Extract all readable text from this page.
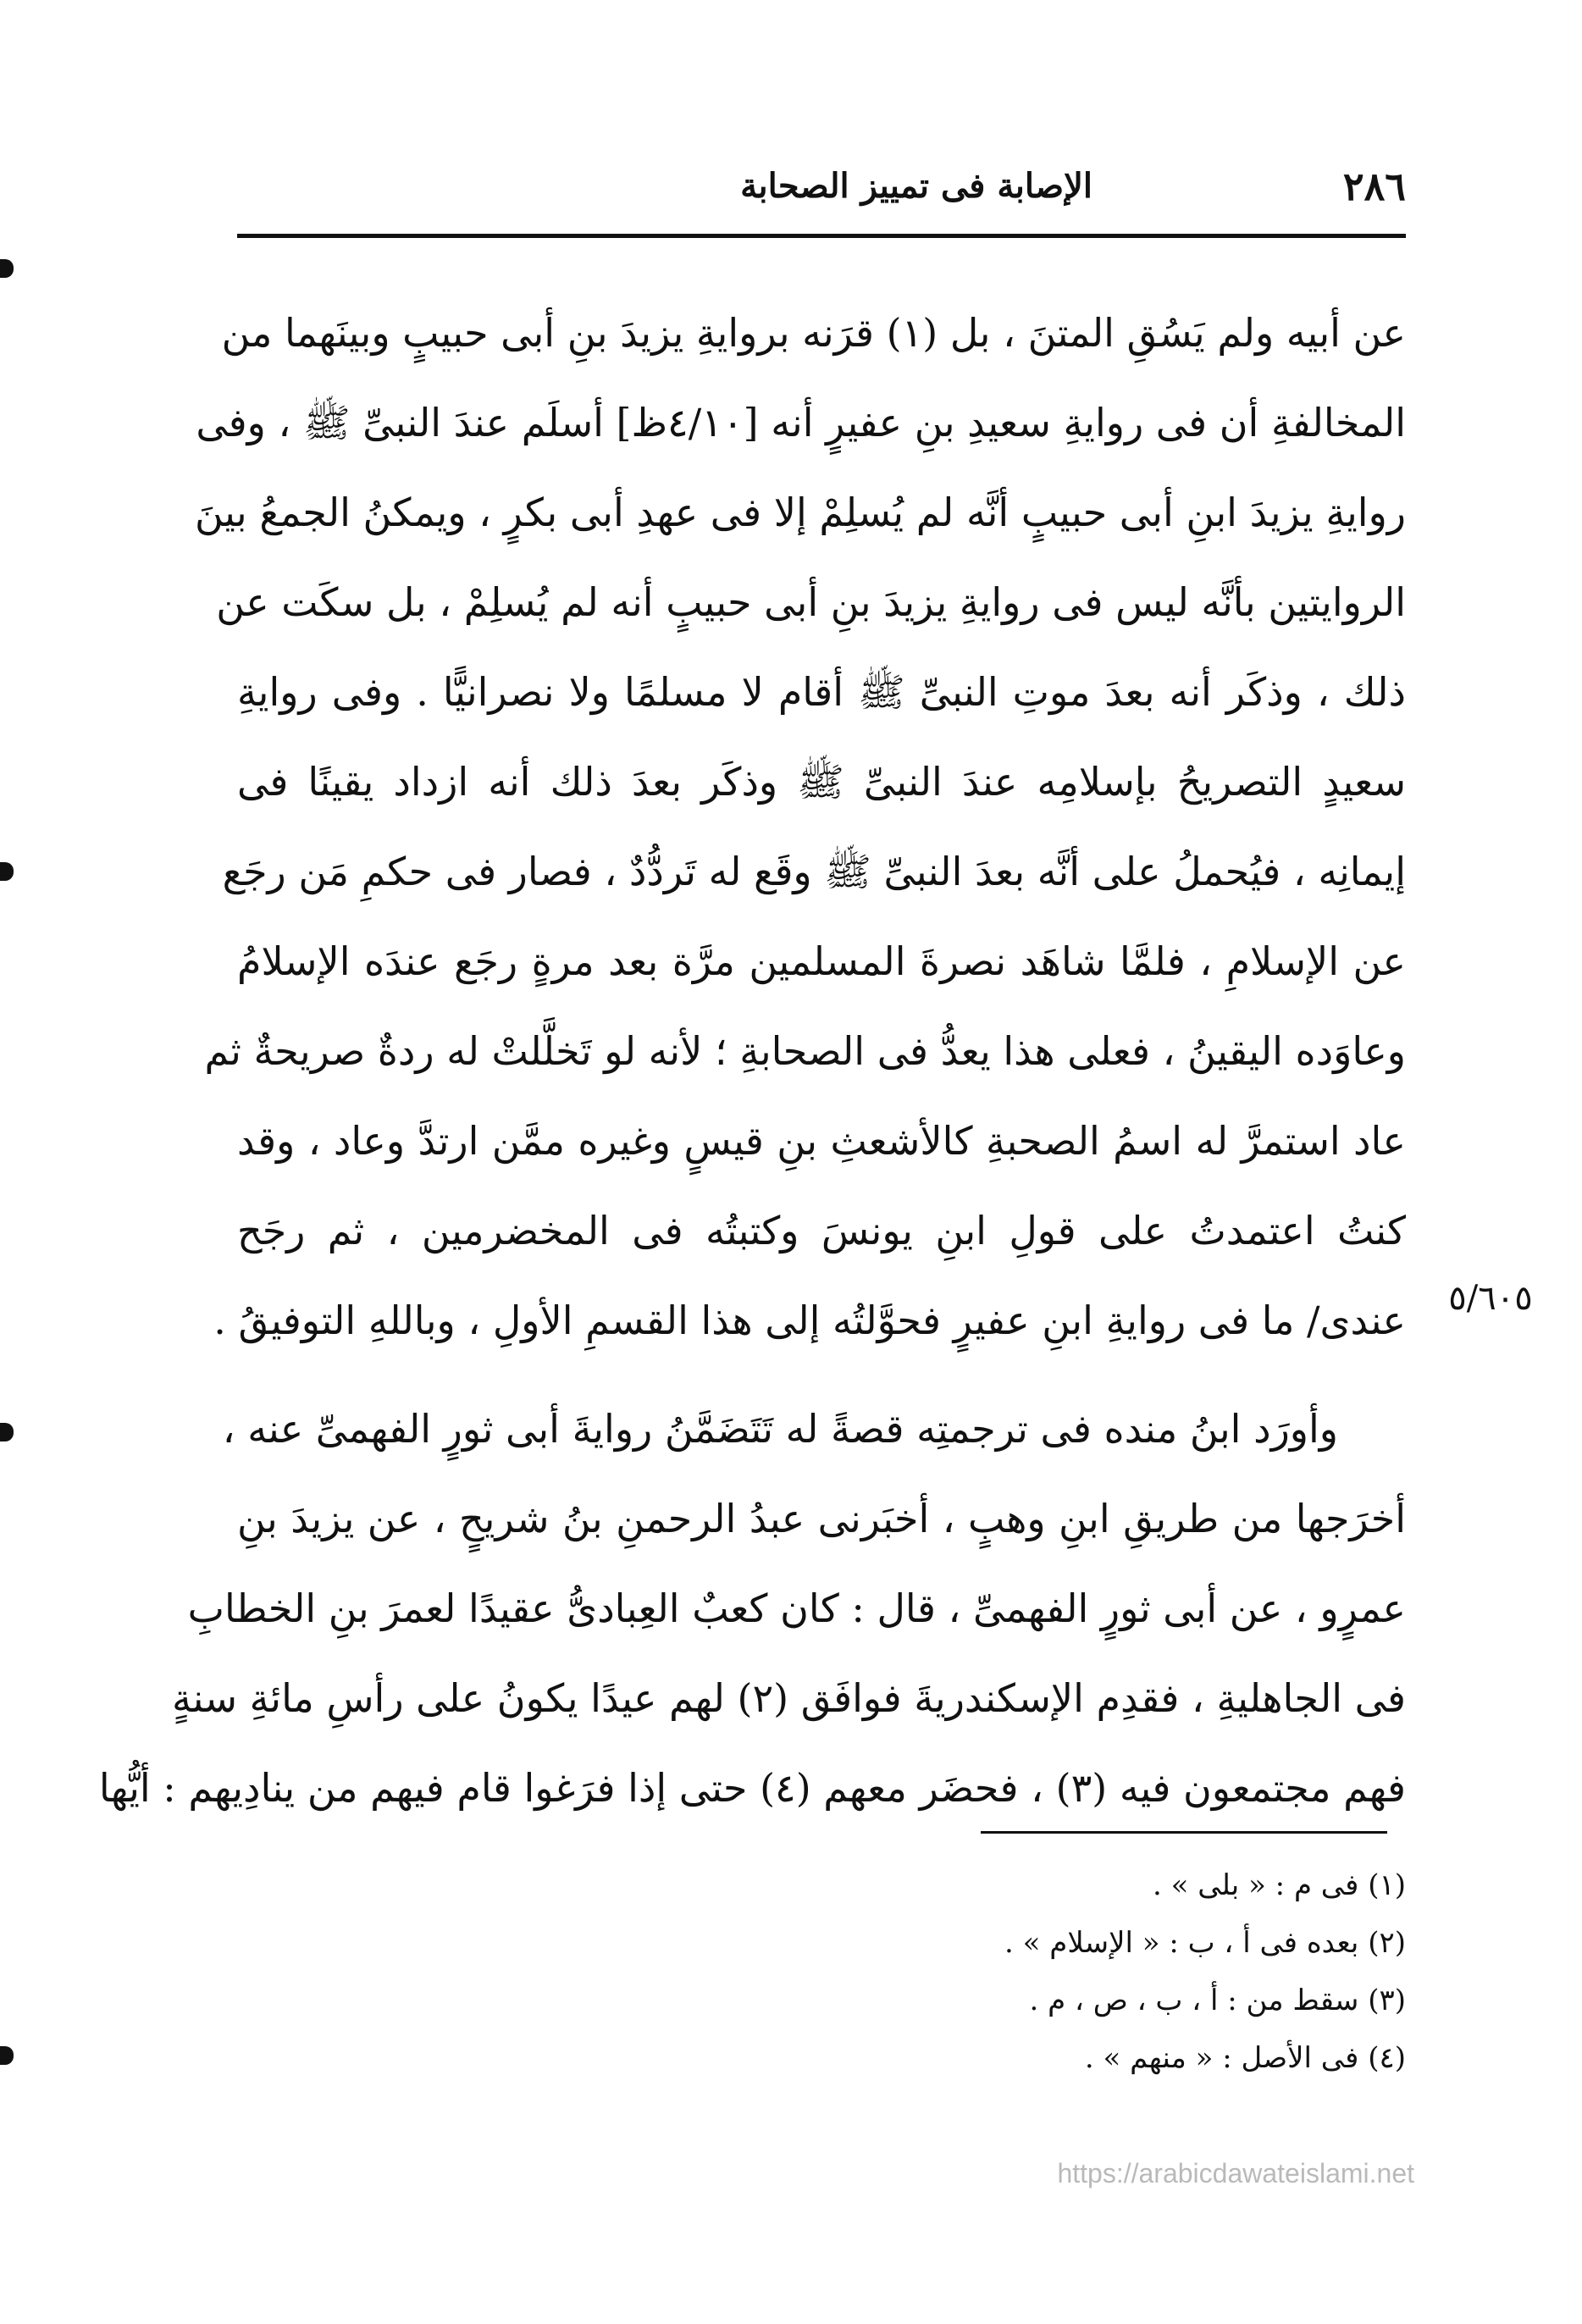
٢٨٦
الإصابة فى تمييز الصحابة
عن أبيه ولم يَسُقِ المتنَ ، بل (١) قرَنه بروايةِ يزيدَ بنِ أبى حبيبٍ وبينَهما من
المخالفةِ أن فى روايةِ سعيدِ بنِ عفيرٍ أنه [٤/١٠ظ] أسلَم عندَ النبىِّ ﷺ ، وفى
روايةِ يزيدَ ابنِ أبى حبيبٍ أنَّه لم يُسلِمْ إلا فى عهدِ أبى بكرٍ ، ويمكنُ الجمعُ بينَ
الروايتين بأنَّه ليس فى روايةِ يزيدَ بنِ أبى حبيبٍ أنه لم يُسلِمْ ، بل سكَت عن
ذلك ، وذكَر أنه بعدَ موتِ النبىِّ ﷺ أقام لا مسلمًا ولا نصرانيًّا . وفى روايةِ
سعيدٍ التصريحُ بإسلامِه عندَ النبىِّ ﷺ وذكَر بعدَ ذلك أنه ازداد يقينًا فى
إيمانِه ، فيُحملُ على أنَّه بعدَ النبىِّ ﷺ وقَع له تَردُّدٌ ، فصار فى حكمِ مَن رجَع
عن الإسلامِ ، فلمَّا شاهَد نصرةَ المسلمين مرَّة بعد مرةٍ رجَع عندَه الإسلامُ
وعاوَده اليقينُ ، فعلى هذا يعدُّ فى الصحابةِ ؛ لأنه لو تَخلَّلتْ له ردةٌ صريحةٌ ثم
عاد استمرَّ له اسمُ الصحبةِ كالأشعثِ بنِ قيسٍ وغيره ممَّن ارتدَّ وعاد ، وقد
كنتُ اعتمدتُ على قولِ ابنِ يونسَ وكتبتُه فى المخضرمين ، ثم رجَح
عندى/ ما فى روايةِ ابنِ عفيرٍ فحوَّلتُه إلى هذا القسمِ الأولِ ، وباللهِ التوفيقُ .
وأورَد ابنُ منده فى ترجمتِه قصةً له تَتَضَمَّنُ روايةَ أبى ثورٍ الفهمىِّ عنه ،
أخرَجها من طريقِ ابنِ وهبٍ ، أخبَرنى عبدُ الرحمنِ بنُ شريحٍ ، عن يزيدَ بنِ
عمرٍو ، عن أبى ثورٍ الفهمىِّ ، قال : كان كعبٌ العِبادىُّ عقيدًا لعمرَ بنِ الخطابِ
فى الجاهليةِ ، فقدِم الإسكندريةَ فوافَق (٢) لهم عيدًا يكونُ على رأسِ مائةِ سنةٍ
فهم مجتمعون فيه (٣) ، فحضَر معهم (٤) حتى إذا فرَغوا قام فيهم من ينادِيهم : أيُّها
٥/٦٠٥
(١) فى م : « بلى » .
(٢) بعده فى أ ، ب : « الإسلام » .
(٣) سقط من : أ ، ب ، ص ، م .
(٤) فى الأصل : « منهم » .
https://arabicdawateislami.net
